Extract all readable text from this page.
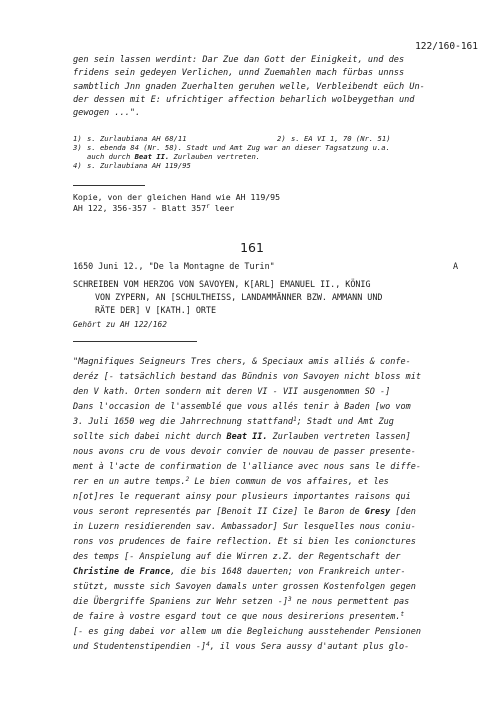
122/160-161
gen sein lassen werdint: Dar Zue dan Gott der Einigkeit, und des
fridens sein gedeyen Verlichen, unnd Zuemahlen mach fürbas unnss
sambtlich Jnn gnaden Zuerhalten geruhen welle, Verbleibendt eüch Un-
der dessen mit E: ufrichtiger affection beharlich wolbeygethan und
gewogen ...".
1) s. Zurlaubiana AH 68/11	2) s. EA VI 1, 70 (Nr. 51)
3) s. ebenda 84 (Nr. 58). Stadt und Amt Zug war an dieser Tagsatzung u.a.
auch durch Beat II. Zurlauben vertreten.
4) s. Zurlaubiana AH 119/95
Kopie, von der gleichen Hand wie AH 119/95
AH 122, 356-357 - Blatt 357$^r$ leer
161
1650 Juni 12., "De la Montagne de Turin"	A
SCHREIBEN VOM HERZOG VON SAVOYEN, K[ARL] EMANUEL II., KÖNIG
VON ZYPERN, AN [SCHULTHEISS, LANDAMMÄNNER BZW. AMMANN UND
RÄTE DER] V [KATH.] ORTE
Gehört zu AH 122/162
"Magnifiques Seigneurs Tres chers, & Speciaux amis alliés & confe-
deréz [- tatsächlich bestand das Bündnis von Savoyen nicht bloss mit
den V kath. Orten sondern mit deren VI - VII ausgenommen SO -]
Dans l'occasion de l'assemblé que vous allés tenir à Baden [wo vom
3. Juli 1650 weg die Jahrrechnung stattfand$^1$; Stadt und Amt Zug
sollte sich dabei nicht durch Beat II. Zurlauben vertreten lassen]
nous avons cru de vous devoir convier de nouvau de passer presente-
ment à l'acte de confirmation de l'alliance avec nous sans le diffe-
rer en un autre temps.$^2$ Le bien commun de vos affaires, et les
n[ot]res le requerant ainsy pour plusieurs importantes raisons qui
vous seront representés par [Benoit II Cize] le Baron de Gresy [den
in Luzern residierenden sav. Ambassador] Sur lesquelles nous coniu-
rons vos prudences de faire reflection. Et si bien les conionctures
des temps [- Anspielung auf die Wirren z.Z. der Regentschaft der
Christine de France, die bis 1648 dauerten; von Frankreich unter-
stützt, musste sich Savoyen damals unter grossen Kostenfolgen gegen
die Übergriffe Spaniens zur Wehr setzen -]$^3$ ne nous permettent pas
de faire à vostre esgard tout ce que nous desirerions presentem.$^t$
[- es ging dabei vor allem um die Begleichung ausstehender Pensionen
und Studentenstipendien -]$^4$, il vous Sera aussy d'autant plus glo-
